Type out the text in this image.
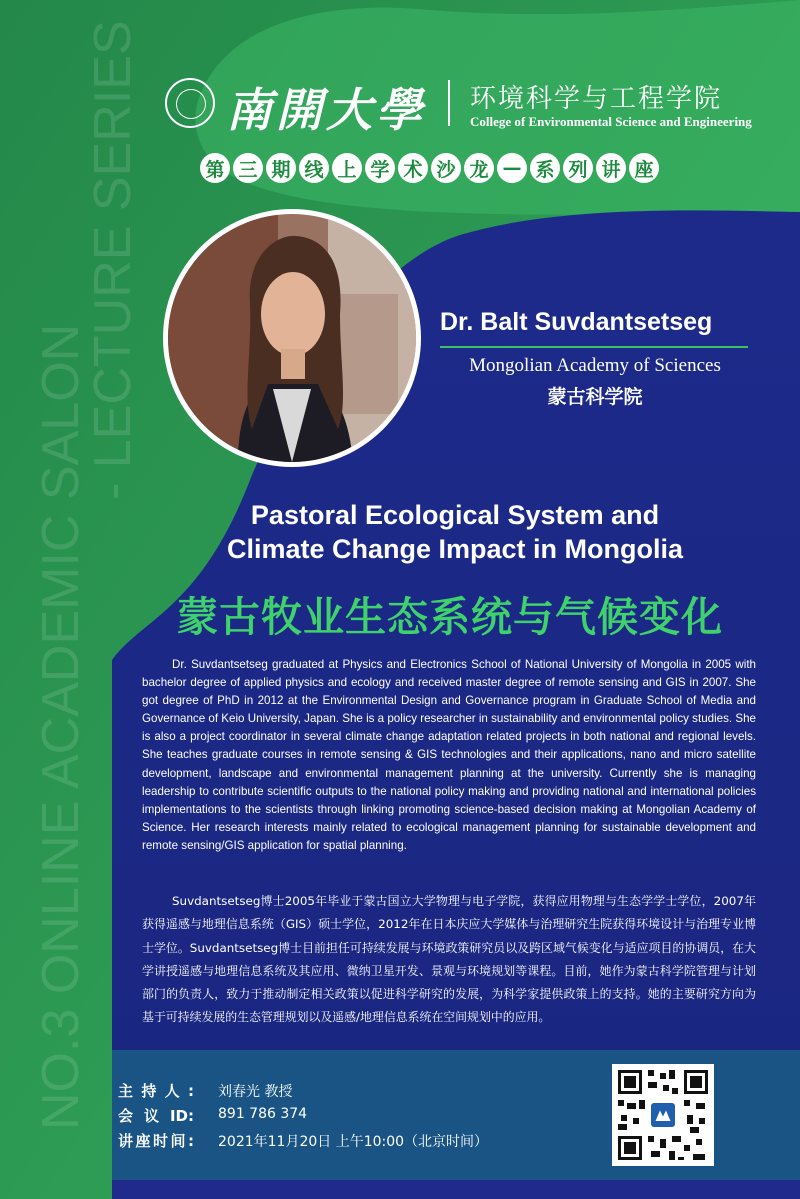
南開大學 环境科学与工程学院
College of Environmental Science and Engineering
第 三 期 线 上 学 术 沙 龙 — 系 列 讲 座
Dr. Balt Suvdantsetseg
Mongolian Academy of Sciences
蒙古科学院
Pastoral Ecological System and
Climate Change Impact in Mongolia
蒙古牧业生态系统与气候变化

Dr. Suvdantsetseg graduated at Physics and Electronics School of National University of Mongolia in 2005 with bachelor degree of applied physics and ecology and received master degree of remote sensing and GIS in 2007. She got degree of PhD in 2012 at the Environmental Design and Governance program in Graduate School of Media and Governance of Keio University, Japan. She is a policy researcher in sustainability and environmental policy studies. She is also a project coordinator in several climate change adaptation related projects in both national and regional levels. She teaches graduate courses in remote sensing & GIS technologies and their applications, nano and micro satellite development, landscape and environmental management planning at the university. Currently she is managing leadership to contribute scientific outputs to the national policy making and providing national and international policies implementations to the scientists through linking promoting science-based decision making at Mongolian Academy of Science. Her research interests mainly related to ecological management planning for sustainable development and remote sensing/GIS application for spatial planning.

Suvdantsetseg博士2005年毕业于蒙古国立大学物理与电子学院，获得应用物理与生态学学士学位，2007年获得遥感与地理信息系统（GIS）硕士学位，2012年在日本庆应大学媒体与治理研究生院获得环境设计与治理专业博士学位。Suvdantsetseg博士目前担任可持续发展与环境政策研究员以及跨区域气候变化与适应项目的协调员，在大学讲授遥感与地理信息系统及其应用、微纳卫星开发、景观与环境规划等课程。目前，她作为蒙古科学院管理与计划部门的负责人，致力于推动制定相关政策以促进科学研究的发展，为科学家提供政策上的支持。她的主要研究方向为基于可持续发展的生态管理规划以及遥感/地理信息系统在空间规划中的应用。

主持人: 刘春光 教授
会议ID: 891 786 374
讲座时间: 2021年11月20日 上午10:00（北京时间）
